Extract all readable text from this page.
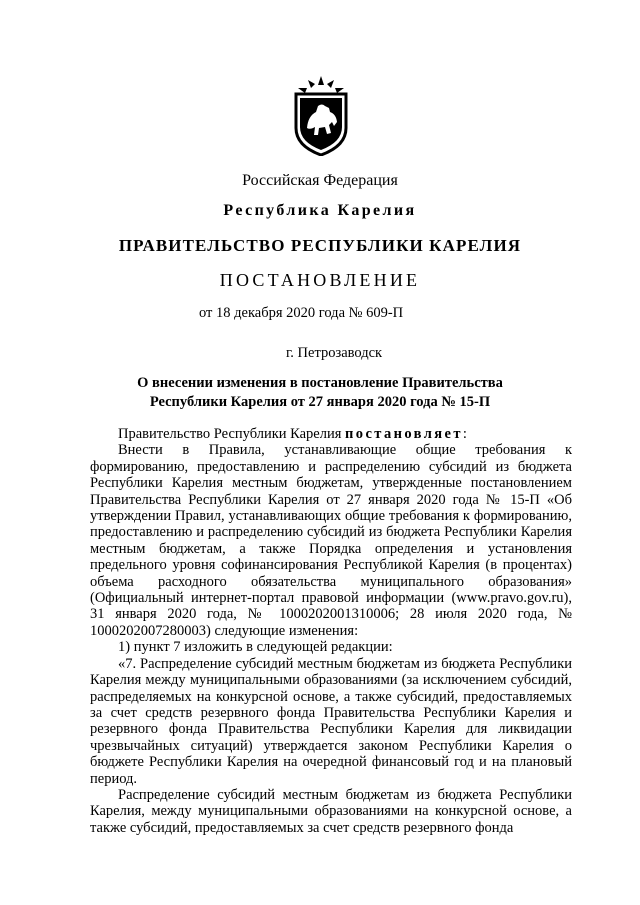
Российская Федерация
Республика Карелия
ПРАВИТЕЛЬСТВО РЕСПУБЛИКИ КАРЕЛИЯ
ПОСТАНОВЛЕНИЕ
от 18 декабря 2020 года № 609-П
г. Петрозаводск
О внесении изменения в постановление Правительства
Республики Карелия от 27 января 2020 года № 15-П

Правительство Республики Карелия постановляет:

Внести в Правила, устанавливающие общие требования к формированию, предоставлению и распределению субсидий из бюджета Республики Карелия местным бюджетам, утвержденные постановлением Правительства Республики Карелия от 27 января 2020 года № 15-П «Об утверждении Правил, устанавливающих общие требования к формированию, предоставлению и распределению субсидий из бюджета Республики Карелия местным бюджетам, а также Порядка определения и установления предельного уровня софинансирования Республикой Карелия (в процентах) объема расходного обязательства муниципального образования» (Официальный интернет-портал правовой информации (www.pravo.gov.ru), 31 января 2020 года, № 1000202001310006; 28 июля 2020 года, № 1000202007280003) следующие изменения:

1) пункт 7 изложить в следующей редакции:

«7. Распределение субсидий местным бюджетам из бюджета Республики Карелия между муниципальными образованиями (за исключением субсидий, распределяемых на конкурсной основе, а также субсидий, предоставляемых за счет средств резервного фонда Правительства Республики Карелия и резервного фонда Правительства Республики Карелия для ликвидации чрезвычайных ситуаций) утверждается законом Республики Карелия о бюджете Республики Карелия на очередной финансовый год и на плановый период.

Распределение субсидий местным бюджетам из бюджета Республики Карелия, между муниципальными образованиями на конкурсной основе, а также субсидий, предоставляемых за счет средств резервного фонда
